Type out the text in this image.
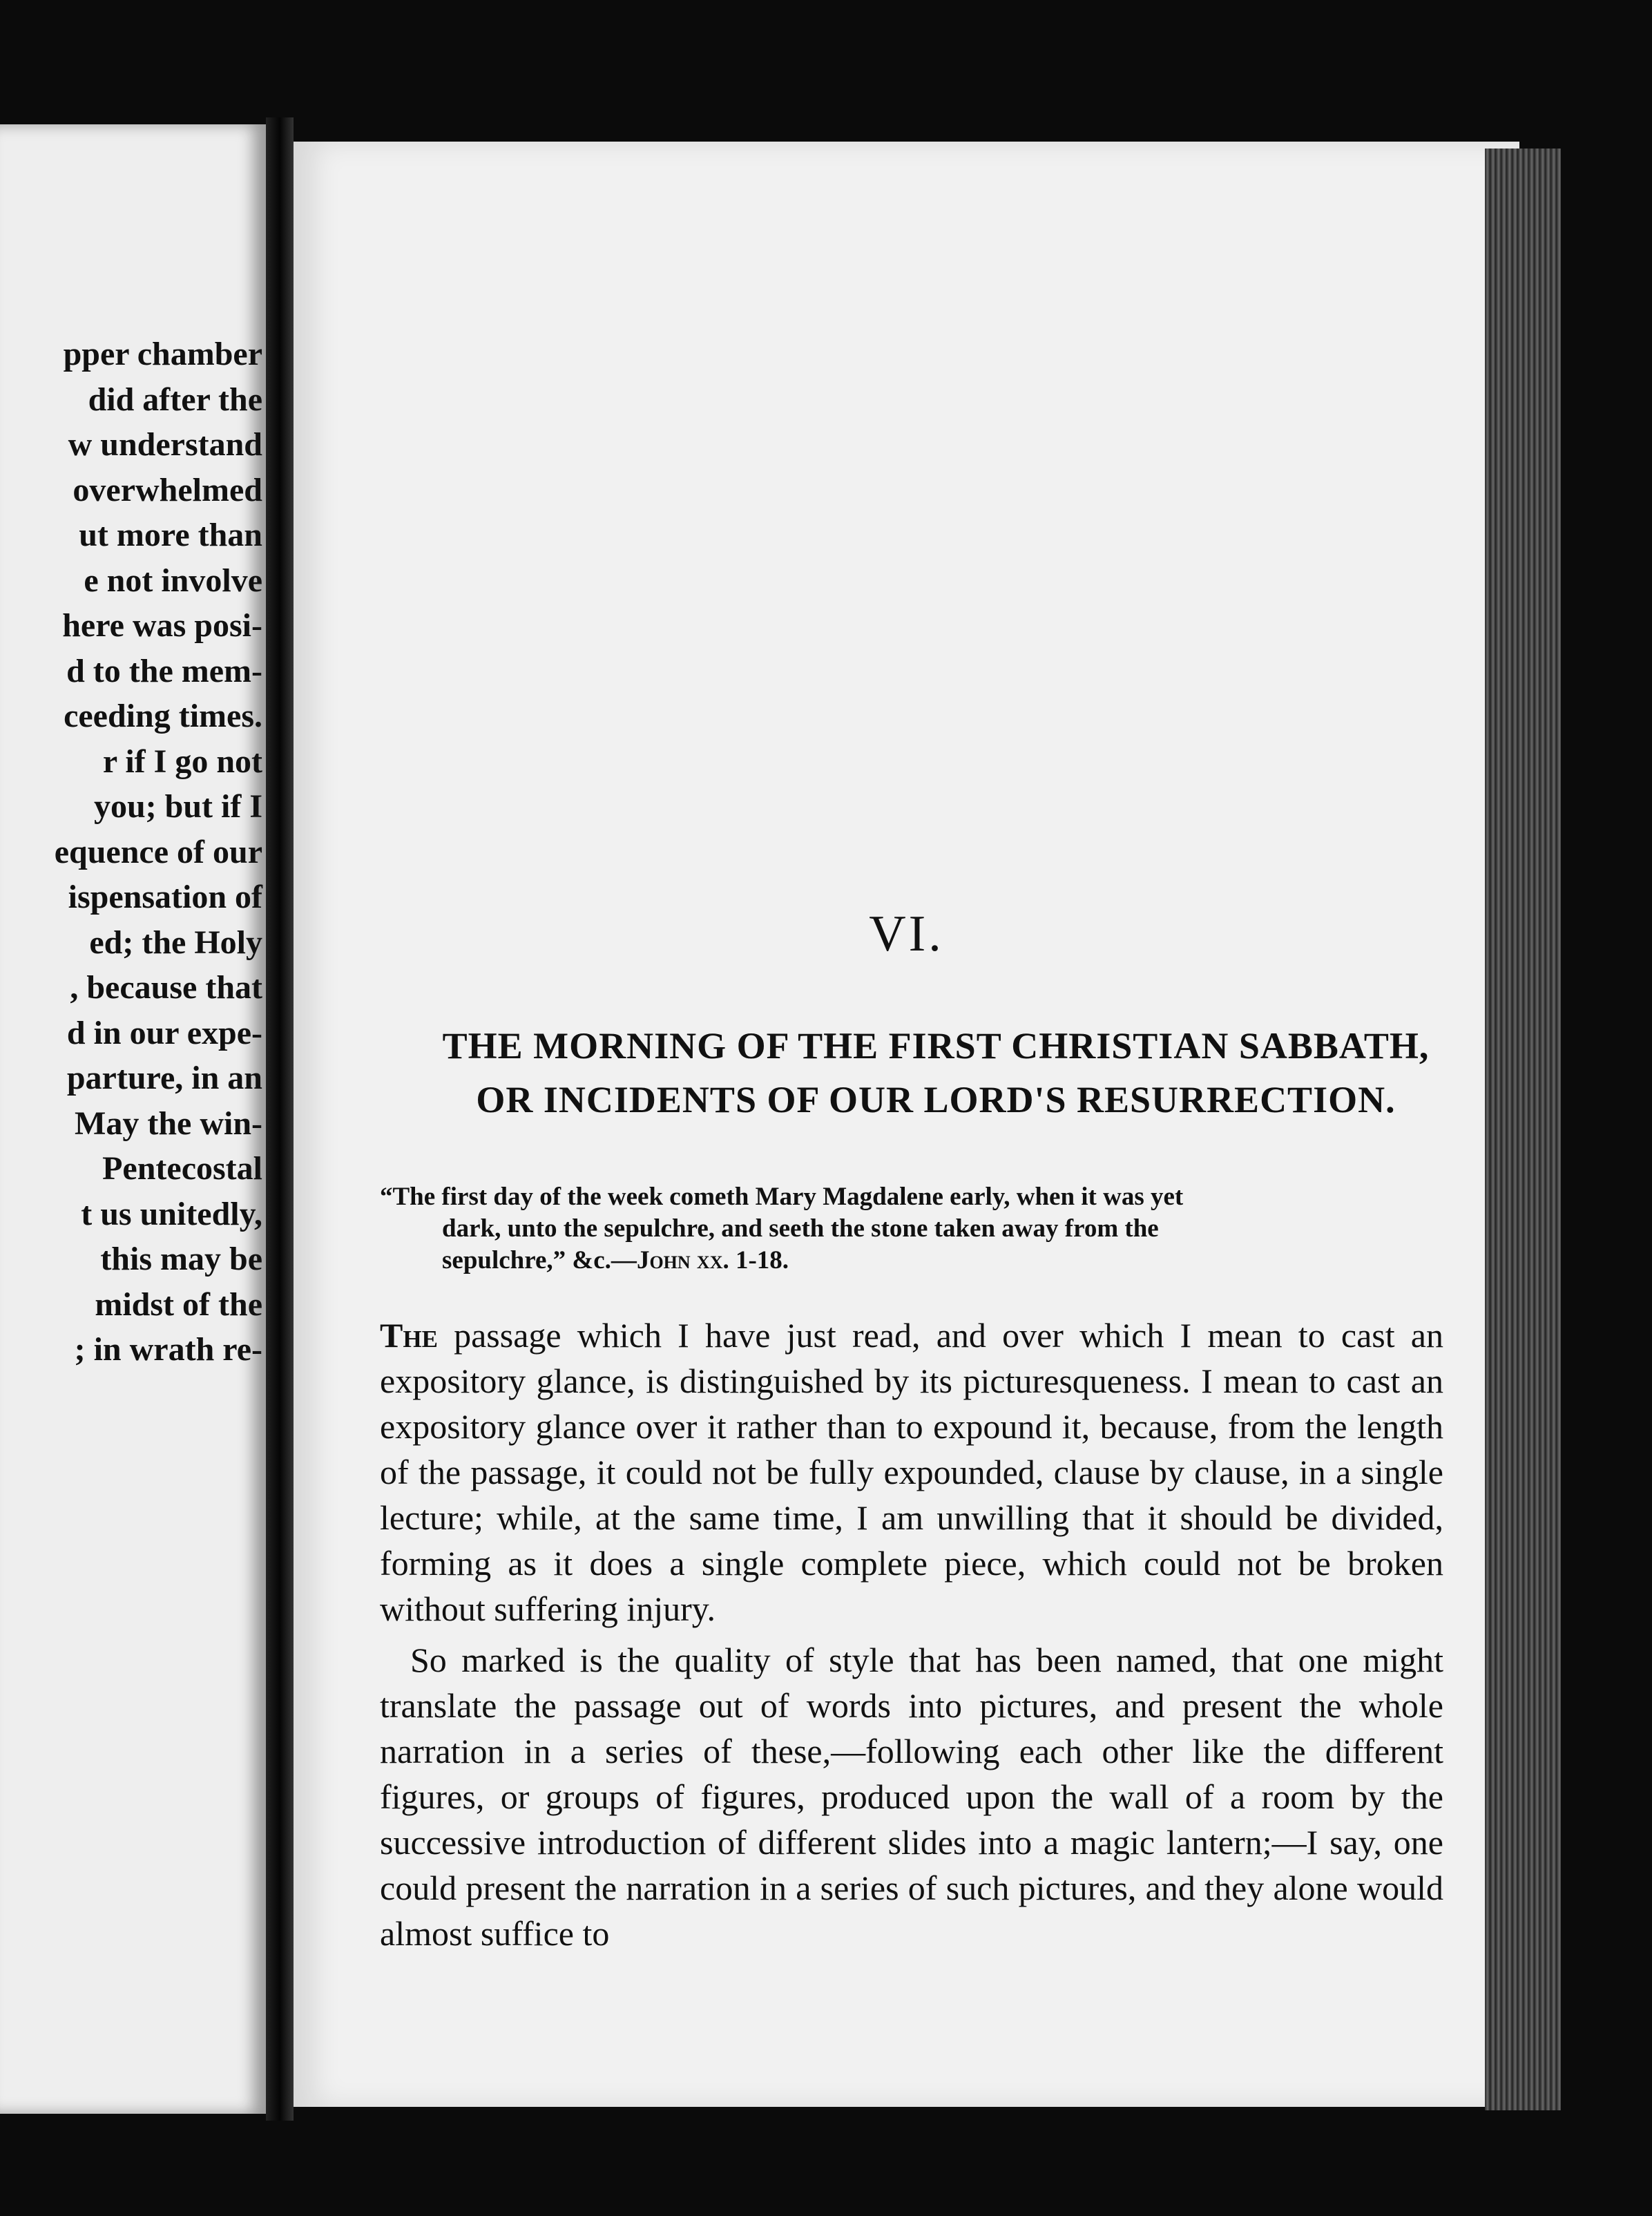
pper chamber
did after the
w understand
overwhelmed
ut more than
e not involve
here was posi-
d to the mem-
ceeding times.
r if I go not
you; but if I
equence of our
ispensation of
ed; the Holy
, because that
d in our expe-
parture, in an
May the win-
Pentecostal
t us unitedly,
this may be
midst of the
; in wrath re-
VI.
THE MORNING OF THE FIRST CHRISTIAN SABBATH,
OR INCIDENTS OF OUR LORD'S RESURRECTION.
“The first day of the week cometh Mary Magdalene early, when it was yet
dark, unto the sepulchre, and seeth the stone taken away from the
sepulchre,” &c.—John xx. 1-18.

The passage which I have just read, and over which I mean to cast an expository glance, is distinguished by its picturesqueness. I mean to cast an expository glance over it rather than to expound it, because, from the length of the passage, it could not be fully expounded, clause by clause, in a single lecture; while, at the same time, I am unwilling that it should be divided, forming as it does a single complete piece, which could not be broken without suffering injury.

So marked is the quality of style that has been named, that one might translate the passage out of words into pictures, and present the whole narration in a series of these,—following each other like the different figures, or groups of figures, produced upon the wall of a room by the successive introduction of different slides into a magic lantern;—I say, one could present the narration in a series of such pictures, and they alone would almost suffice to
